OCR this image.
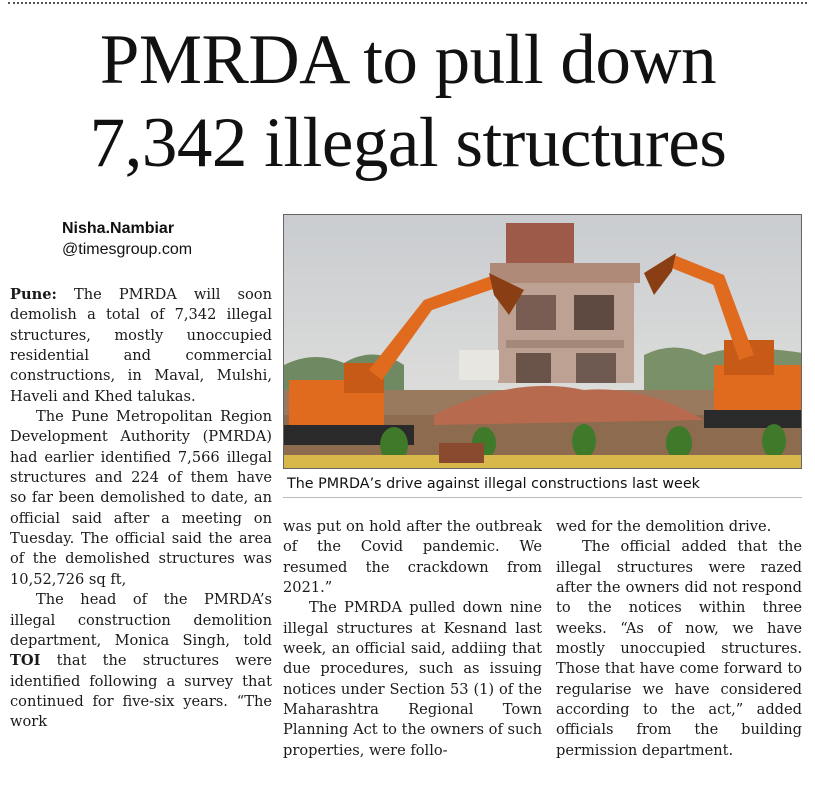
PMRDA to pull down
7,342 illegal structures
Nisha.Nambiar
@timesgroup.com
The PMRDA’s drive against illegal constructions last week

Pune: The PMRDA will soon demolish a total of 7,342 illegal structures, mostly unoccupied residential and commercial constructions, in Maval, Mulshi, Haveli and Khed talukas.

The Pune Metropolitan Region Development Authority (PMRDA) had earlier identified 7,566 illegal structures and 224 of them have so far been demolished to date, an official said after a meeting on Tuesday. The official said the area of the demolished structures was 10,52,726 sq ft,

The head of the PMRDA’s illegal construction demolition department, Monica Singh, told TOI that the structures were identified following a survey that continued for five-six years. “The work

was put on hold after the outbreak of the Covid pandemic. We resumed the crackdown from 2021.”

The PMRDA pulled down nine illegal structures at Kesnand last week, an official said, addiing that due procedures, such as issuing notices under Section 53 (1) of the Maharashtra Regional Town Planning Act to the owners of such properties, were follo-

wed for the demolition drive.

The official added that the illegal structures were razed after the owners did not respond to the notices within three weeks. “As of now, we have mostly unoccupied structures. Those that have come forward to regularise we have considered according to the act,” added officials from the building permission department.
